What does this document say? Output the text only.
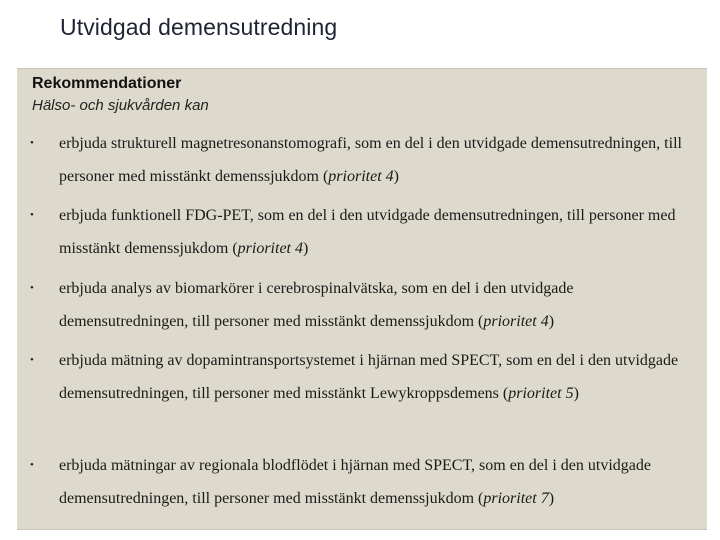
Utvidgad demensutredning
Rekommendationer
Hälso- och sjukvården kan
• erbjuda strukturell magnetresonanstomografi, som en del i den utvidgade demensutredningen, till personer med misstänkt demenssjukdom (prioritet 4)

• erbjuda funktionell FDG-PET, som en del i den utvidgade demensutredningen, till personer med misstänkt demenssjukdom (prioritet 4)

• erbjuda analys av biomarkörer i cerebrospinalvätska, som en del i den utvidgade demensutredningen, till personer med misstänkt demenssjukdom (prioritet 4)

• erbjuda mätning av dopamintransportsystemet i hjärnan med SPECT, som en del i den utvidgade demensutredningen, till personer med misstänkt Lewykroppsdemens (prioritet 5)

• erbjuda mätningar av regionala blodflödet i hjärnan med SPECT, som en del i den utvidgade demensutredningen, till personer med misstänkt demenssjukdom (prioritet 7)
